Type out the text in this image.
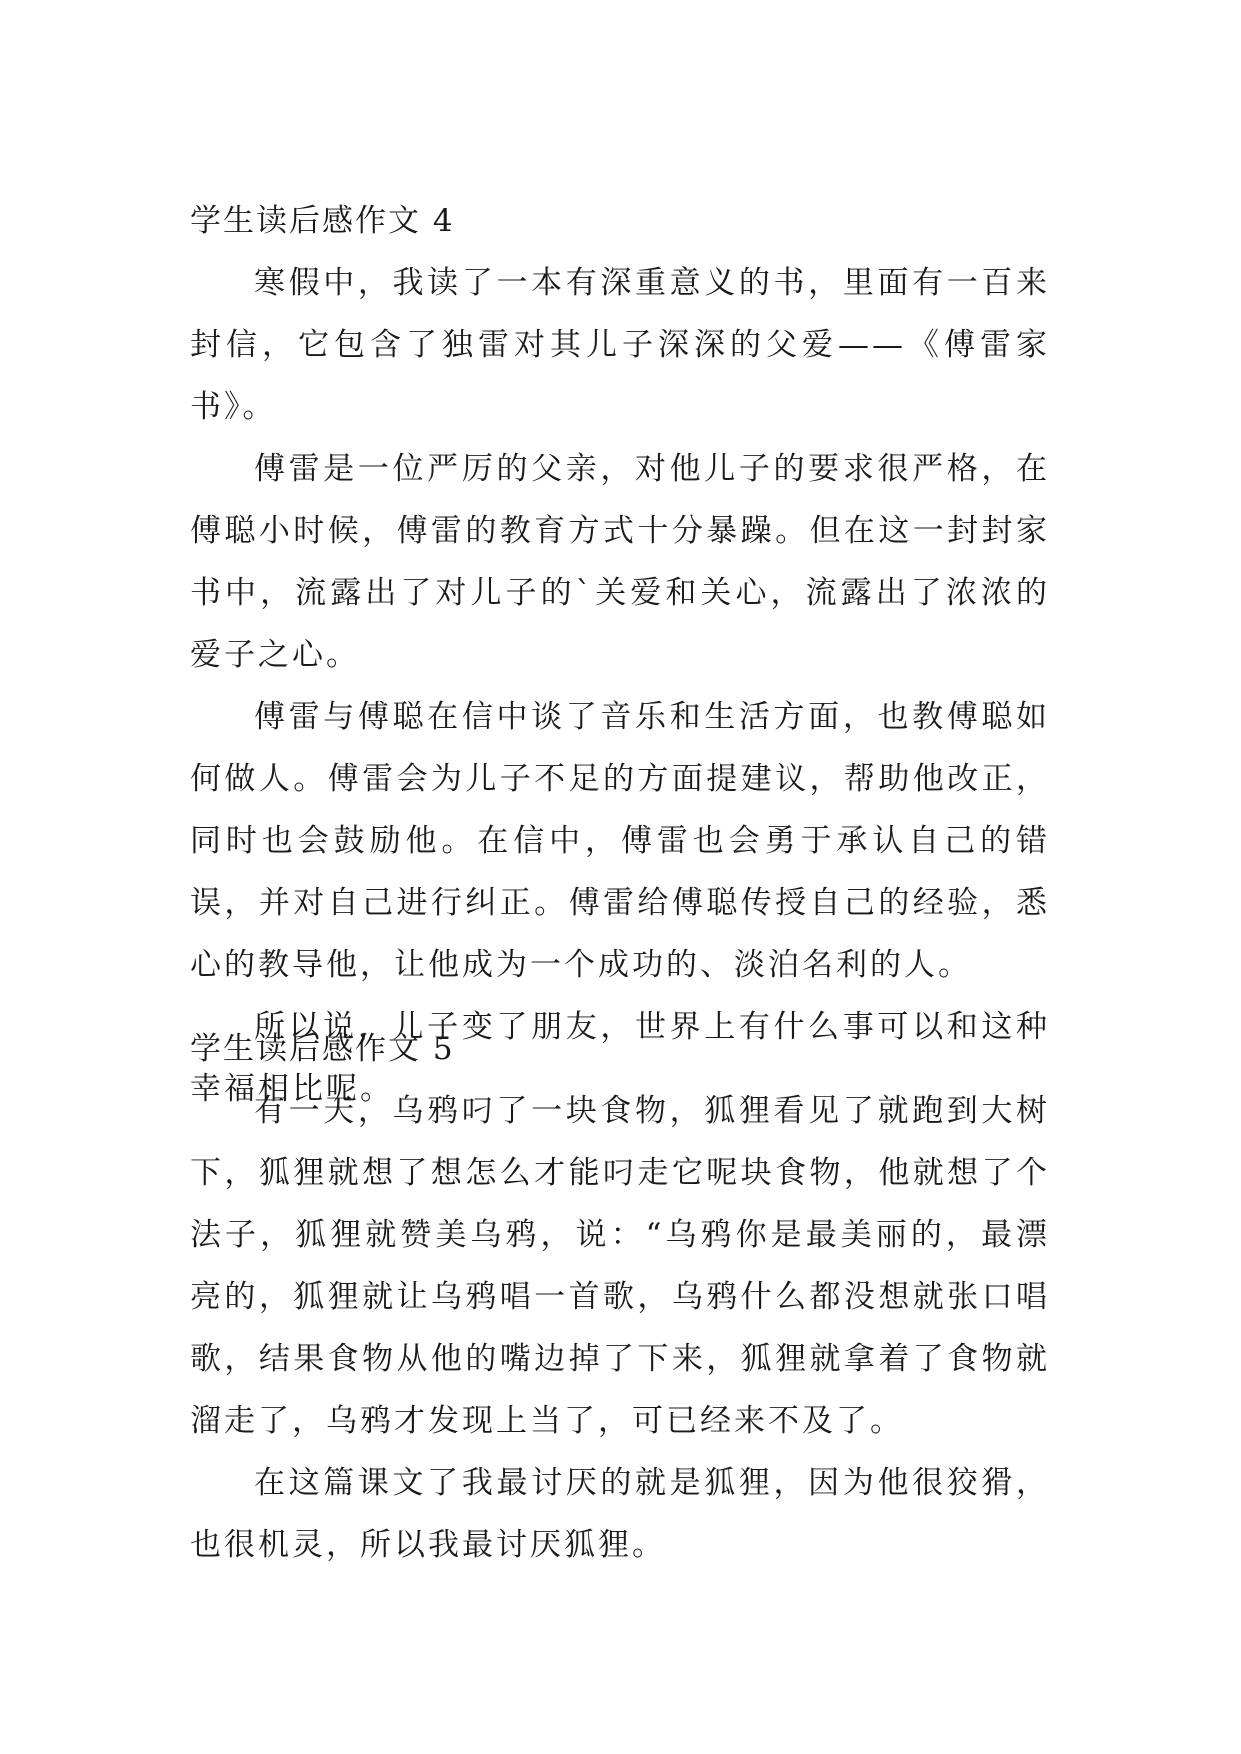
学生读后感作文 4

寒假中，我读了一本有深重意义的书，里面有一百来封信，它包含了独雷对其儿子深深的父爱——《傅雷家书》。

傅雷是一位严厉的父亲，对他儿子的要求很严格，在傅聪小时候，傅雷的教育方式十分暴躁。但在这一封封家书中，流露出了对儿子的`关爱和关心，流露出了浓浓的爱子之心。

傅雷与傅聪在信中谈了音乐和生活方面，也教傅聪如何做人。傅雷会为儿子不足的方面提建议，帮助他改正，同时也会鼓励他。在信中，傅雷也会勇于承认自己的错误，并对自己进行纠正。傅雷给傅聪传授自己的经验，悉心的教导他，让他成为一个成功的、淡泊名利的人。

所以说，儿子变了朋友，世界上有什么事可以和这种幸福相比呢。

学生读后感作文 5

有一天，乌鸦叼了一块食物，狐狸看见了就跑到大树下，狐狸就想了想怎么才能叼走它呢块食物，他就想了个法子，狐狸就赞美乌鸦，说：“乌鸦你是最美丽的，最漂亮的，狐狸就让乌鸦唱一首歌，乌鸦什么都没想就张口唱歌，结果食物从他的嘴边掉了下来，狐狸就拿着了食物就溜走了，乌鸦才发现上当了，可已经来不及了。

在这篇课文了我最讨厌的就是狐狸，因为他很狡猾，也很机灵，所以我最讨厌狐狸。
